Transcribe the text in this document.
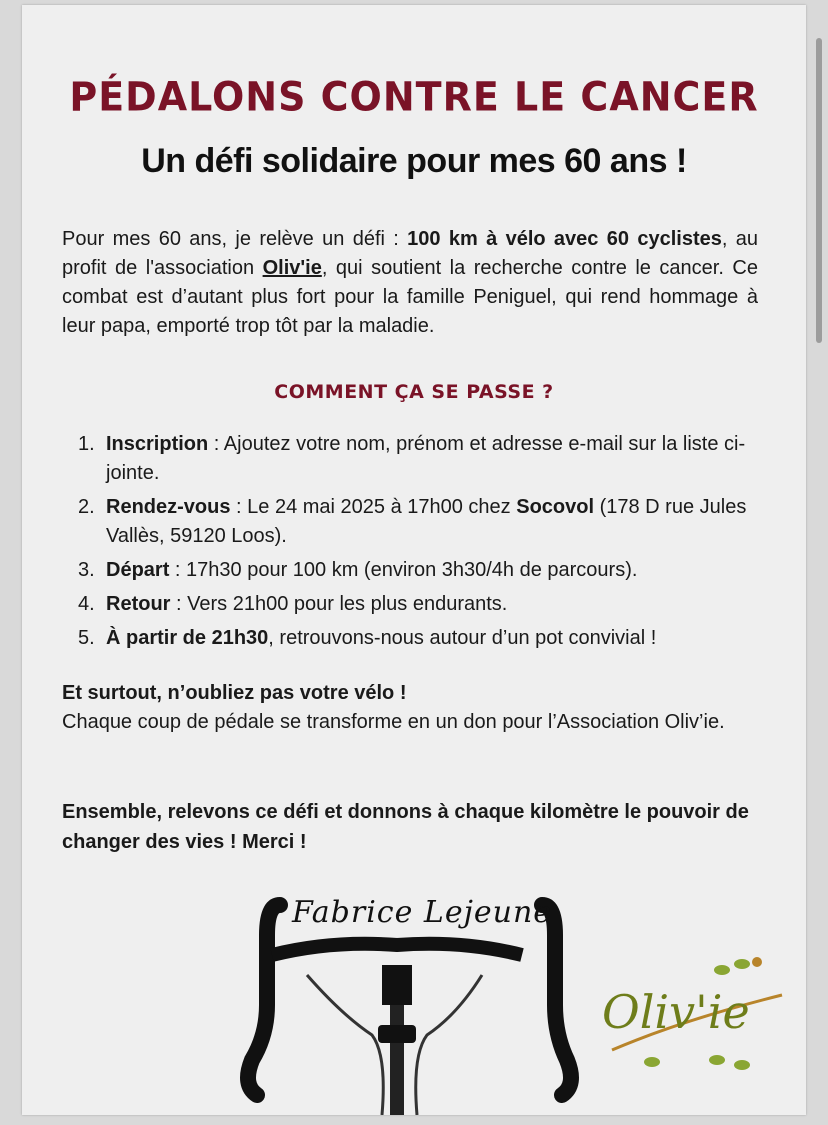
PÉDALONS CONTRE LE CANCER
Un défi solidaire pour mes 60 ans !
Pour mes 60 ans, je relève un défi : 100 km à vélo avec 60 cyclistes, au profit de l'association Oliv'ie, qui soutient la recherche contre le cancer. Ce combat est d’autant plus fort pour la famille Peniguel, qui rend hommage à leur papa, emporté trop tôt par la maladie.
COMMENT ÇA SE PASSE ?
1. Inscription : Ajoutez votre nom, prénom et adresse e-mail sur la liste ci-jointe.
2. Rendez-vous : Le 24 mai 2025 à 17h00 chez Socovol (178 D rue Jules Vallès, 59120 Loos).
3. Départ : 17h30 pour 100 km (environ 3h30/4h de parcours).
4. Retour : Vers 21h00 pour les plus endurants.
5. À partir de 21h30, retrouvons-nous autour d’un pot convivial !
Et surtout, n’oubliez pas votre vélo !
Chaque coup de pédale se transforme en un don pour l’Association Oliv’ie.
Ensemble, relevons ce défi et donnons à chaque kilomètre le pouvoir de changer des vies ! Merci !
Fabrice Lejeune
Oliv'ie
